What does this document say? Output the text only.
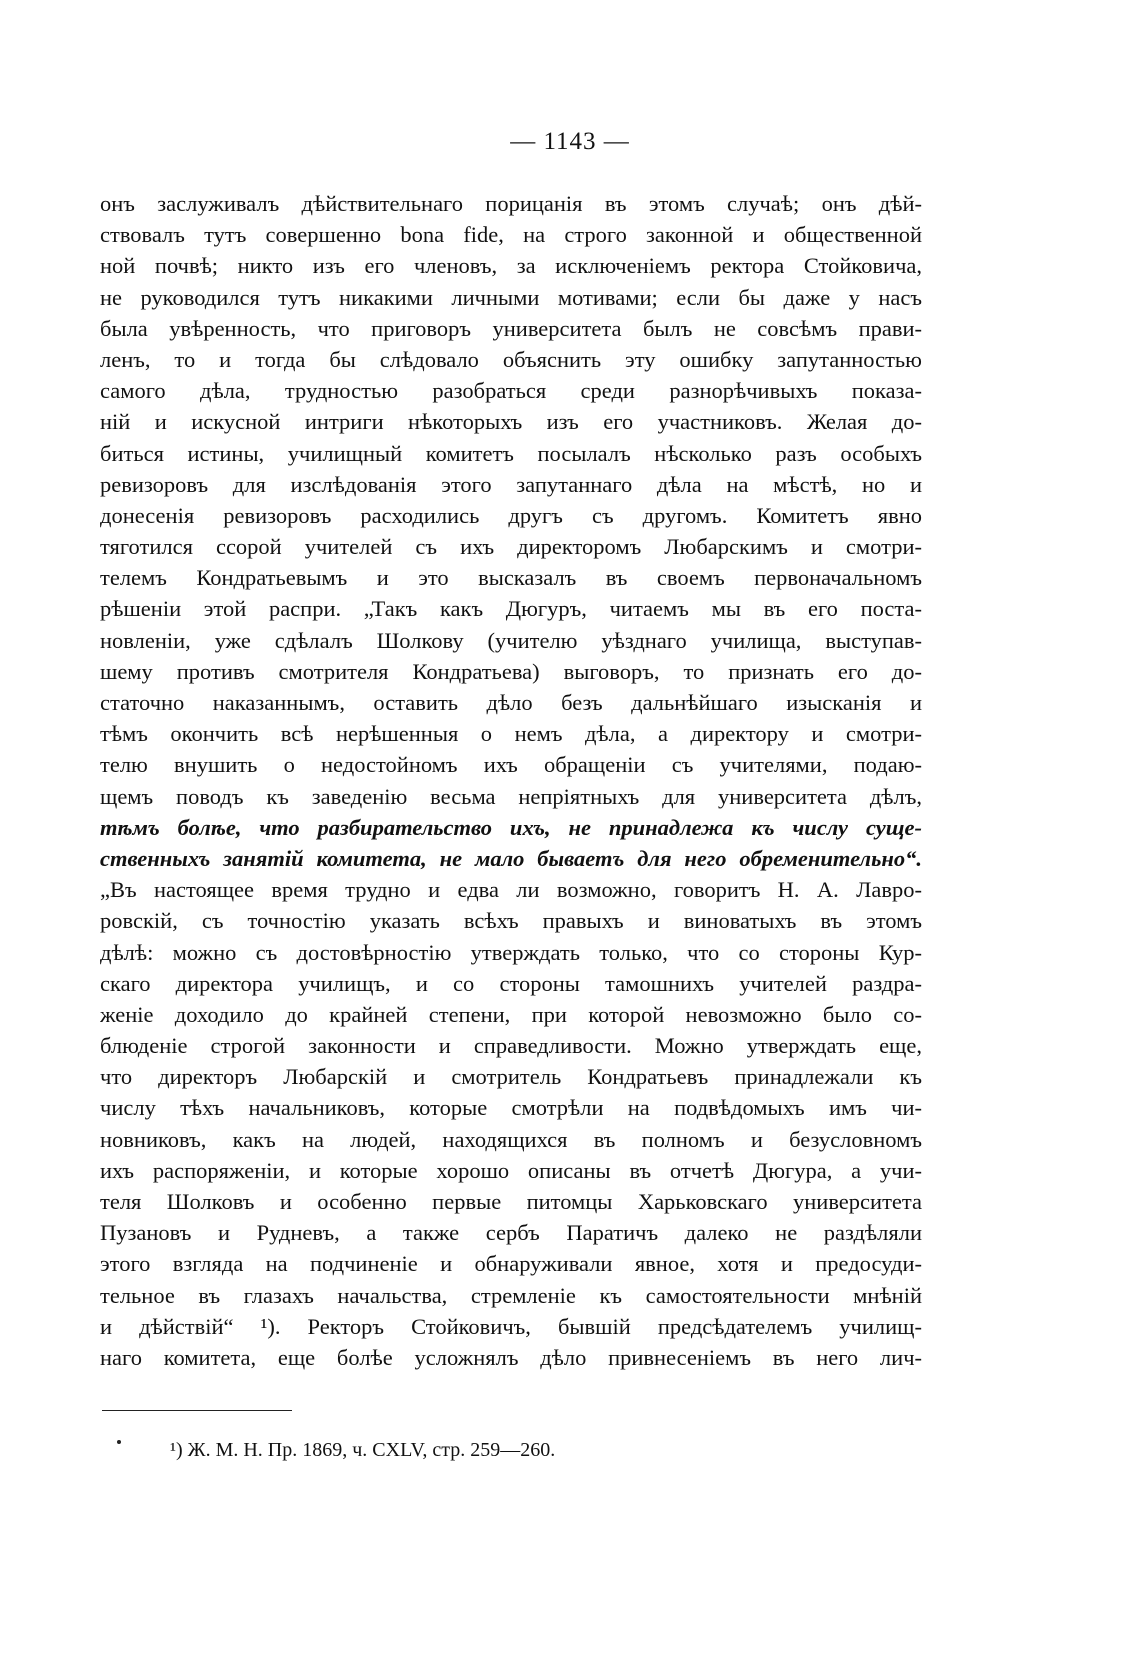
— 1143 —
онъ заслуживалъ дѣйствительнаго порицанія въ этомъ случаѣ; онъ дѣй-
ствовалъ тутъ совершенно bona fide, на строго законной и общественной
ной почвѣ; никто изъ его членовъ, за исключеніемъ ректора Стойковича,
не руководился тутъ никакими личными мотивами; если бы даже у насъ
была увѣренность, что приговоръ университета былъ не совсѣмъ прави-
ленъ, то и тогда бы слѣдовало объяснить эту ошибку запутанностью
самого дѣла, трудностью разобраться среди разнорѣчивыхъ показа-
ній и искусной интриги нѣкоторыхъ изъ его участниковъ. Желая до-
биться истины, училищный комитетъ посылалъ нѣсколько разъ особыхъ
ревизоровъ для изслѣдованія этого запутаннаго дѣла на мѣстѣ, но и
донесенія ревизоровъ расходились другъ съ другомъ. Комитетъ явно
тяготился ссорой учителей съ ихъ директоромъ Любарскимъ и смотри-
телемъ Кондратьевымъ и это высказалъ въ своемъ первоначальномъ
рѣшеніи этой распри. „Такъ какъ Дюгуръ, читаемъ мы въ его поста-
новленіи, уже сдѣлалъ Шолкову (учителю уѣзднаго училища, выступав-
шему противъ смотрителя Кондратьева) выговоръ, то признать его до-
статочно наказаннымъ, оставить дѣло безъ дальнѣйшаго изысканія и
тѣмъ окончить всѣ нерѣшенныя о немъ дѣла, а директору и смотри-
телю внушить о недостойномъ ихъ обращеніи съ учителями, подаю-
щемъ поводъ къ заведенію весьма непріятныхъ для университета дѣлъ,
тѣмъ болѣе, что разбирательство ихъ, не принадлежа къ числу суще-
ственныхъ занятій комитета, не мало бываетъ для него обременительно“.
„Въ настоящее время трудно и едва ли возможно, говоритъ Н. А. Лавро-
ровскій, съ точностію указать всѣхъ правыхъ и виноватыхъ въ этомъ
дѣлѣ: можно съ достовѣрностію утверждать только, что со стороны Кур-
скаго директора училищъ, и со стороны тамошнихъ учителей раздра-
женіе доходило до крайней степени, при которой невозможно было со-
блюденіе строгой законности и справедливости. Можно утверждать еще,
что директоръ Любарскій и смотритель Кондратьевъ принадлежали къ
числу тѣхъ начальниковъ, которые смотрѣли на подвѣдомыхъ имъ чи-
новниковъ, какъ на людей, находящихся въ полномъ и безусловномъ
ихъ распоряженіи, и которые хорошо описаны въ отчетѣ Дюгура, а учи-
теля Шолковъ и особенно первые питомцы Харьковскаго университета
Пузановъ и Рудневъ, а также сербъ Паратичъ далеко не раздѣляли
этого взгляда на подчиненіе и обнаруживали явное, хотя и предосуди-
тельное въ глазахъ начальства, стремленіе къ самостоятельности мнѣній
и дѣйствій“ ¹). Ректоръ Стойковичъ, бывшій предсѣдателемъ училищ-
наго комитета, еще болѣе усложнялъ дѣло привнесеніемъ въ него лич-
¹) Ж. М. Н. Пр. 1869, ч. CXLV, стр. 259—260.
